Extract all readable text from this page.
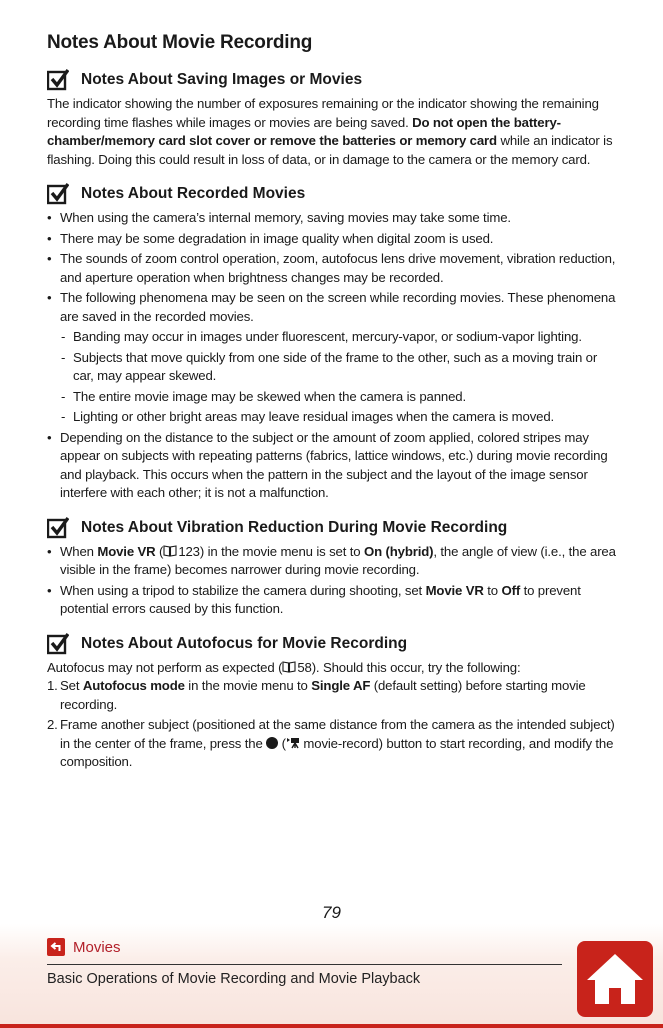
Notes About Movie Recording
Notes About Saving Images or Movies

The indicator showing the number of exposures remaining or the indicator showing the remaining recording time flashes while images or movies are being saved. Do not open the battery-chamber/memory card slot cover or remove the batteries or memory card while an indicator is flashing. Doing this could result in loss of data, or in damage to the camera or the memory card.

Notes About Recorded Movies
• When using the camera’s internal memory, saving movies may take some time.
• There may be some degradation in image quality when digital zoom is used.
• The sounds of zoom control operation, zoom, autofocus lens drive movement, vibration reduction, and aperture operation when brightness changes may be recorded.
• The following phenomena may be seen on the screen while recording movies. These phenomena are saved in the recorded movies.
- Banding may occur in images under fluorescent, mercury-vapor, or sodium-vapor lighting.
- Subjects that move quickly from one side of the frame to the other, such as a moving train or car, may appear skewed.
- The entire movie image may be skewed when the camera is panned.
- Lighting or other bright areas may leave residual images when the camera is moved.
• Depending on the distance to the subject or the amount of zoom applied, colored stripes may appear on subjects with repeating patterns (fabrics, lattice windows, etc.) during movie recording and playback. This occurs when the pattern in the subject and the layout of the image sensor interfere with each other; it is not a malfunction.
Notes About Vibration Reduction During Movie Recording
• When Movie VR ( 123) in the movie menu is set to On (hybrid), the angle of view (i.e., the area visible in the frame) becomes narrower during movie recording.
• When using a tripod to stabilize the camera during shooting, set Movie VR to Off to prevent potential errors caused by this function.
Notes About Autofocus for Movie Recording

Autofocus may not perform as expected ( 58). Should this occur, try the following:

1. Set Autofocus mode in the movie menu to Single AF (default setting) before starting movie recording.
2. Frame another subject (positioned at the same distance from the camera as the intended subject) in the center of the frame, press the  ( movie-record) button to start recording, and modify the composition.
79
Movies
Basic Operations of Movie Recording and Movie Playback
